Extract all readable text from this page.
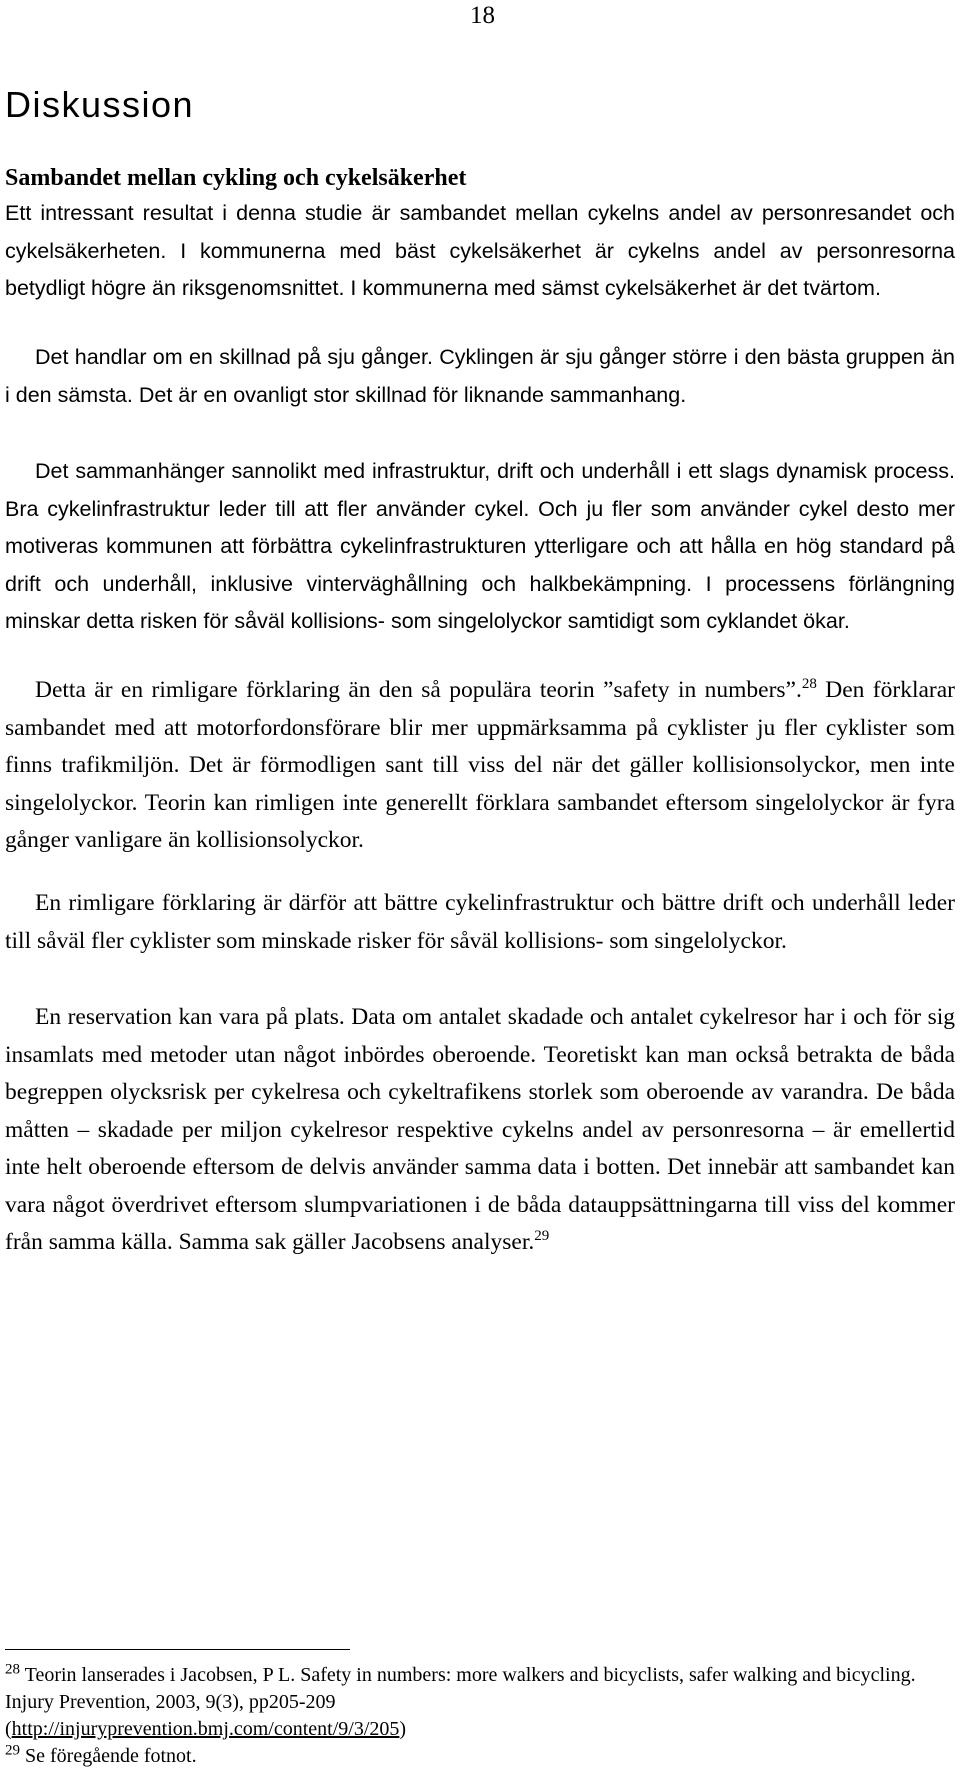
18
Diskussion
Sambandet mellan cykling och cykelsäkerhet

Ett intressant resultat i denna studie är sambandet mellan cykelns andel av personresandet och cykelsäkerheten. I kommunerna med bäst cykelsäkerhet är cykelns andel av personresorna betydligt högre än riksgenomsnittet. I kommunerna med sämst cykelsäkerhet är det tvärtom.

Det handlar om en skillnad på sju gånger. Cyklingen är sju gånger större i den bästa gruppen än i den sämsta. Det är en ovanligt stor skillnad för liknande sammanhang.

Det sammanhänger sannolikt med infrastruktur, drift och underhåll i ett slags dynamisk process. Bra cykelinfrastruktur leder till att fler använder cykel. Och ju fler som använder cykel desto mer motiveras kommunen att förbättra cykelinfrastrukturen ytterligare och att hålla en hög standard på drift och underhåll, inklusive vinterväghållning och halkbekämpning. I processens förlängning minskar detta risken för såväl kollisions- som singelolyckor samtidigt som cyklandet ökar.

Detta är en rimligare förklaring än den så populära teorin ”safety in numbers”.$^{28}$ Den förklarar sambandet med att motorfordonsförare blir mer uppmärksamma på cyklister ju fler cyklister som finns trafikmiljön. Det är förmodligen sant till viss del när det gäller kollisionsolyckor, men inte singelolyckor. Teorin kan rimligen inte generellt förklara sambandet eftersom singelolyckor är fyra gånger vanligare än kollisionsolyckor.

En rimligare förklaring är därför att bättre cykelinfrastruktur och bättre drift och underhåll leder till såväl fler cyklister som minskade risker för såväl kollisions- som singelolyckor.

En reservation kan vara på plats. Data om antalet skadade och antalet cykelresor har i och för sig insamlats med metoder utan något inbördes oberoende. Teoretiskt kan man också betrakta de båda begreppen olycksrisk per cykelresa och cykeltrafikens storlek som oberoende av varandra. De båda måtten – skadade per miljon cykelresor respektive cykelns andel av personresorna – är emellertid inte helt oberoende eftersom de delvis använder samma data i botten. Det innebär att sambandet kan vara något överdrivet eftersom slumpvariationen i de båda datauppsättningarna till viss del kommer från samma källa. Samma sak gäller Jacobsens analyser.$^{29}$

$^{28}$ Teorin lanserades i Jacobsen, P L. Safety in numbers: more walkers and bicyclists, safer walking and bicycling. Injury Prevention, 2003, 9(3), pp205-209
(http://injuryprevention.bmj.com/content/9/3/205)

$^{29}$ Se föregående fotnot.
